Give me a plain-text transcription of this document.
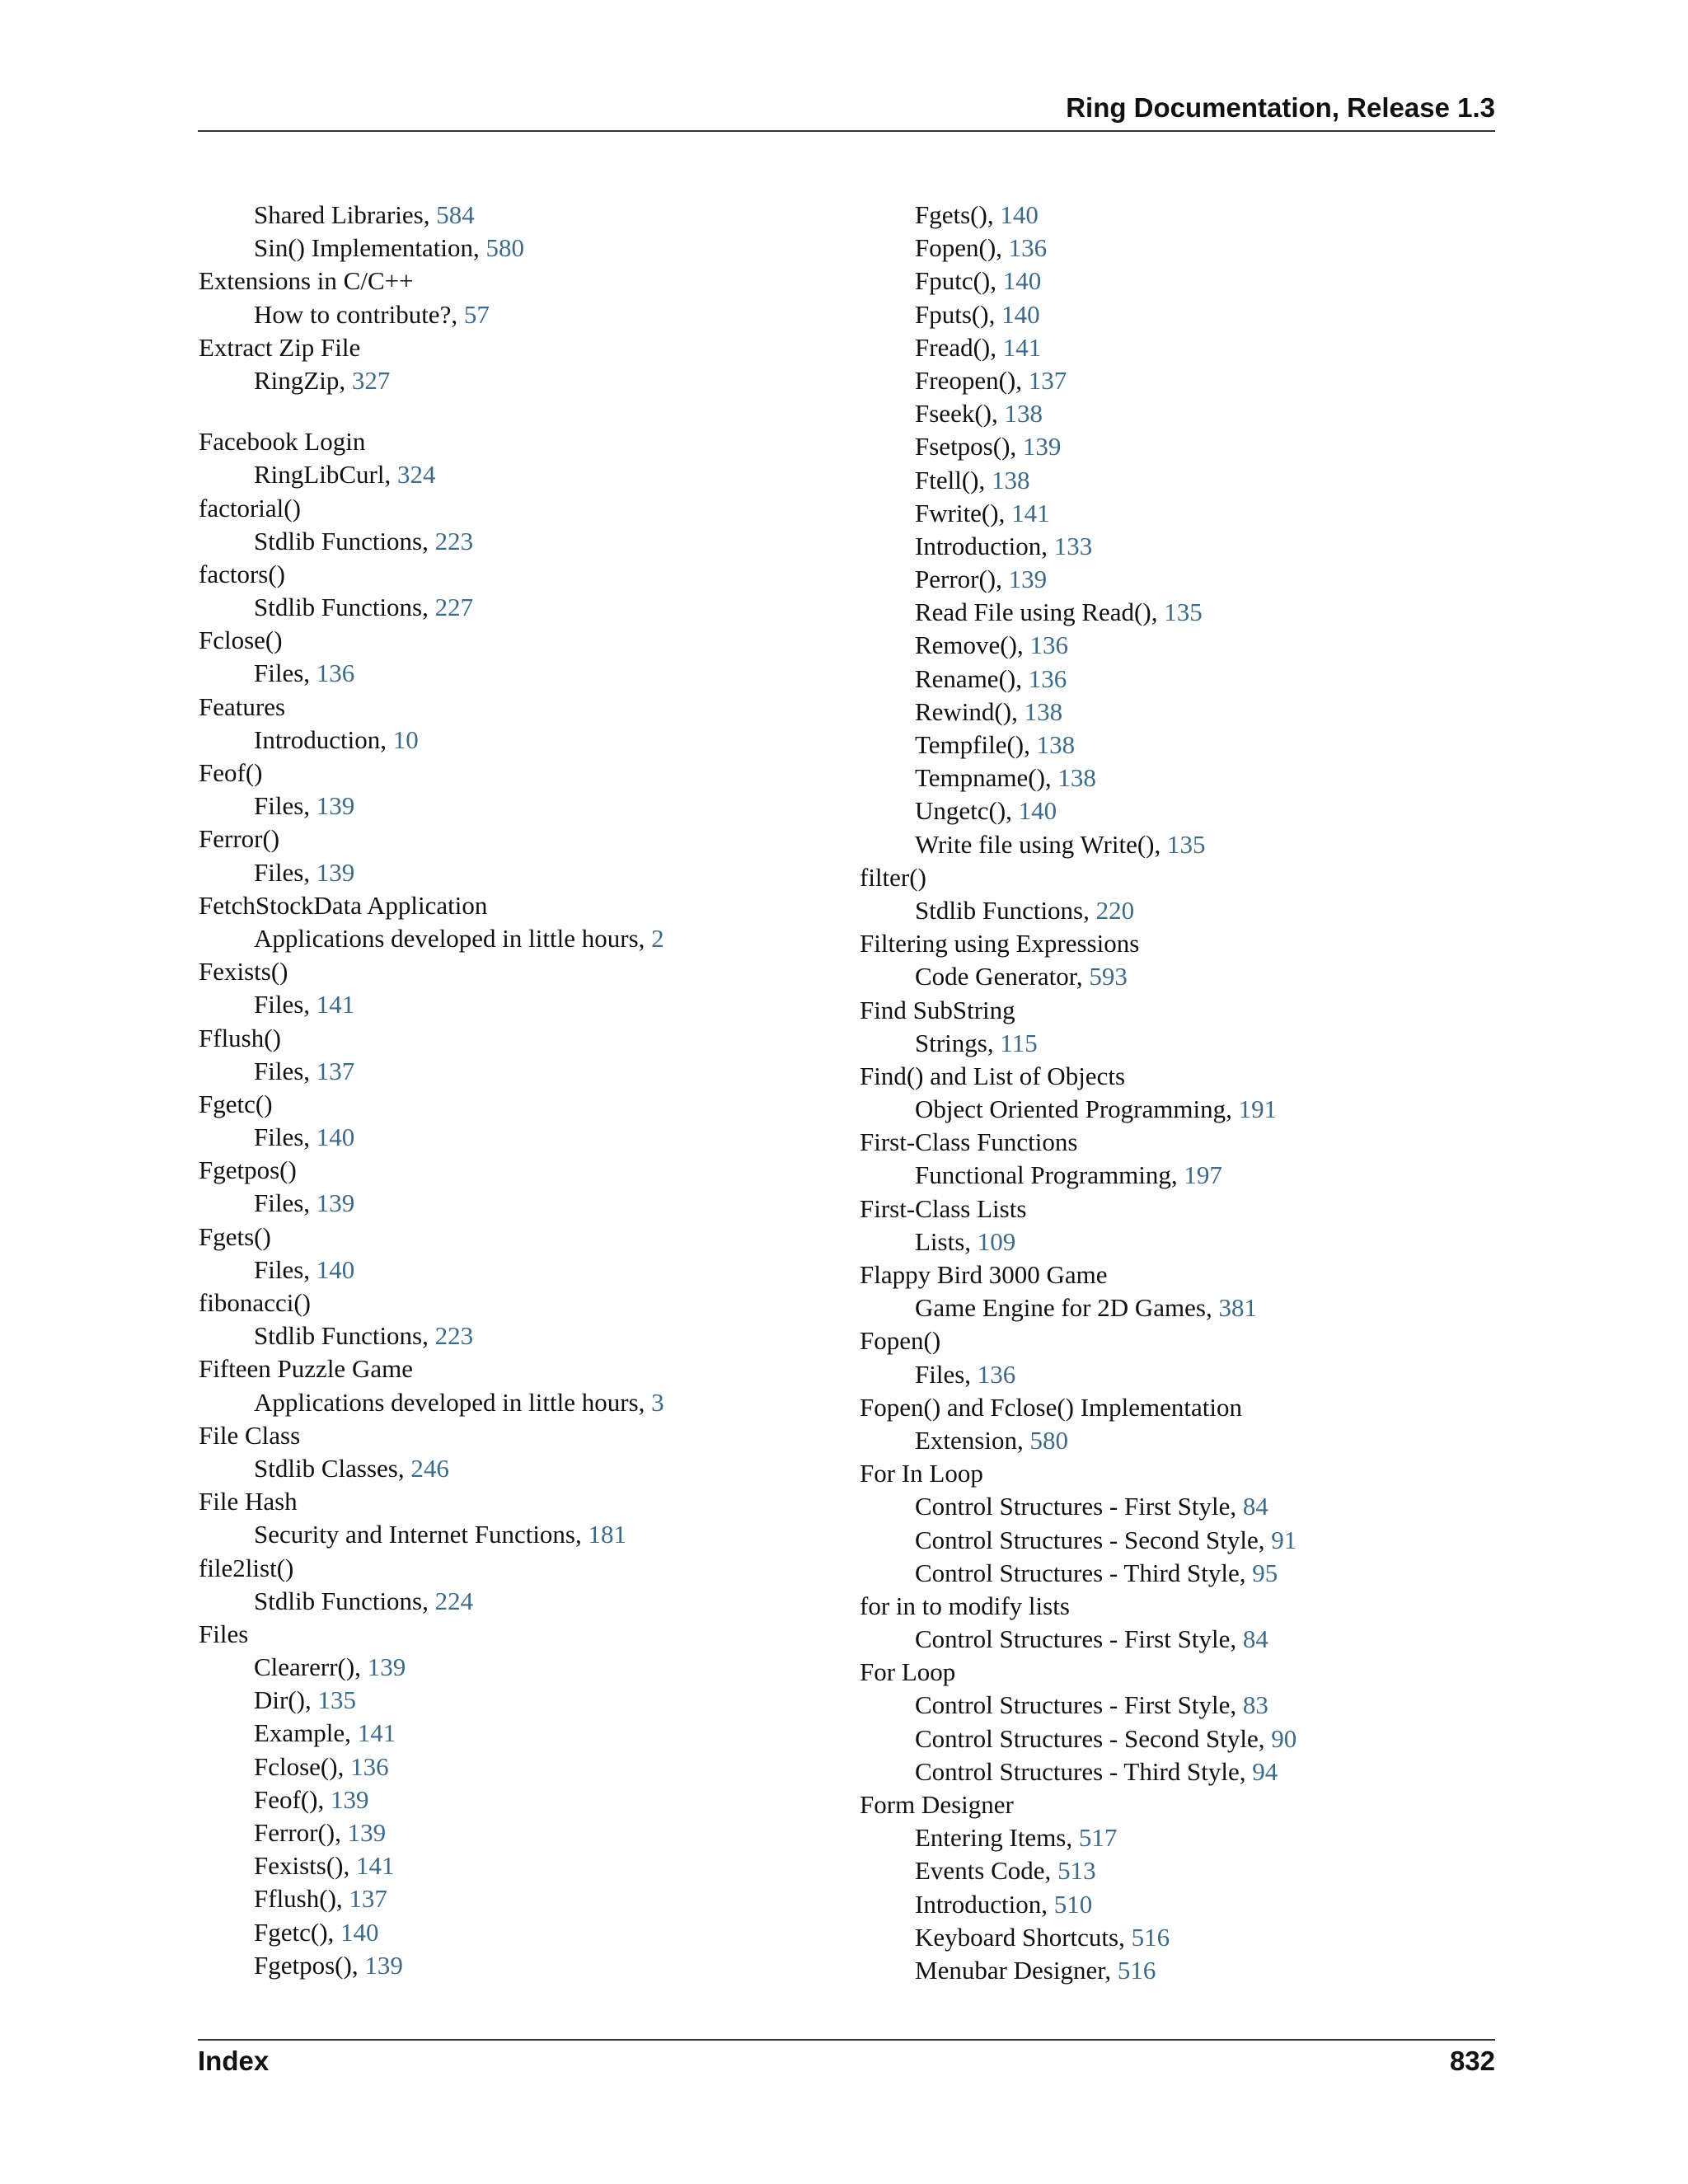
Ring Documentation, Release 1.3
Shared Libraries, 584
Sin() Implementation, 580
Extensions in C/C++
How to contribute?, 57
Extract Zip File
RingZip, 327
Facebook Login
RingLibCurl, 324
factorial()
Stdlib Functions, 223
factors()
Stdlib Functions, 227
Fclose()
Files, 136
Features
Introduction, 10
Feof()
Files, 139
Ferror()
Files, 139
FetchStockData Application
Applications developed in little hours, 2
Fexists()
Files, 141
Fflush()
Files, 137
Fgetc()
Files, 140
Fgetpos()
Files, 139
Fgets()
Files, 140
fibonacci()
Stdlib Functions, 223
Fifteen Puzzle Game
Applications developed in little hours, 3
File Class
Stdlib Classes, 246
File Hash
Security and Internet Functions, 181
file2list()
Stdlib Functions, 224
Files
Clearerr(), 139
Dir(), 135
Example, 141
Fclose(), 136
Feof(), 139
Ferror(), 139
Fexists(), 141
Fflush(), 137
Fgetc(), 140
Fgetpos(), 139
Fgets(), 140
Fopen(), 136
Fputc(), 140
Fputs(), 140
Fread(), 141
Freopen(), 137
Fseek(), 138
Fsetpos(), 139
Ftell(), 138
Fwrite(), 141
Introduction, 133
Perror(), 139
Read File using Read(), 135
Remove(), 136
Rename(), 136
Rewind(), 138
Tempfile(), 138
Tempname(), 138
Ungetc(), 140
Write file using Write(), 135
filter()
Stdlib Functions, 220
Filtering using Expressions
Code Generator, 593
Find SubString
Strings, 115
Find() and List of Objects
Object Oriented Programming, 191
First-Class Functions
Functional Programming, 197
First-Class Lists
Lists, 109
Flappy Bird 3000 Game
Game Engine for 2D Games, 381
Fopen()
Files, 136
Fopen() and Fclose() Implementation
Extension, 580
For In Loop
Control Structures - First Style, 84
Control Structures - Second Style, 91
Control Structures - Third Style, 95
for in to modify lists
Control Structures - First Style, 84
For Loop
Control Structures - First Style, 83
Control Structures - Second Style, 90
Control Structures - Third Style, 94
Form Designer
Entering Items, 517
Events Code, 513
Introduction, 510
Keyboard Shortcuts, 516
Menubar Designer, 516
Index	832
